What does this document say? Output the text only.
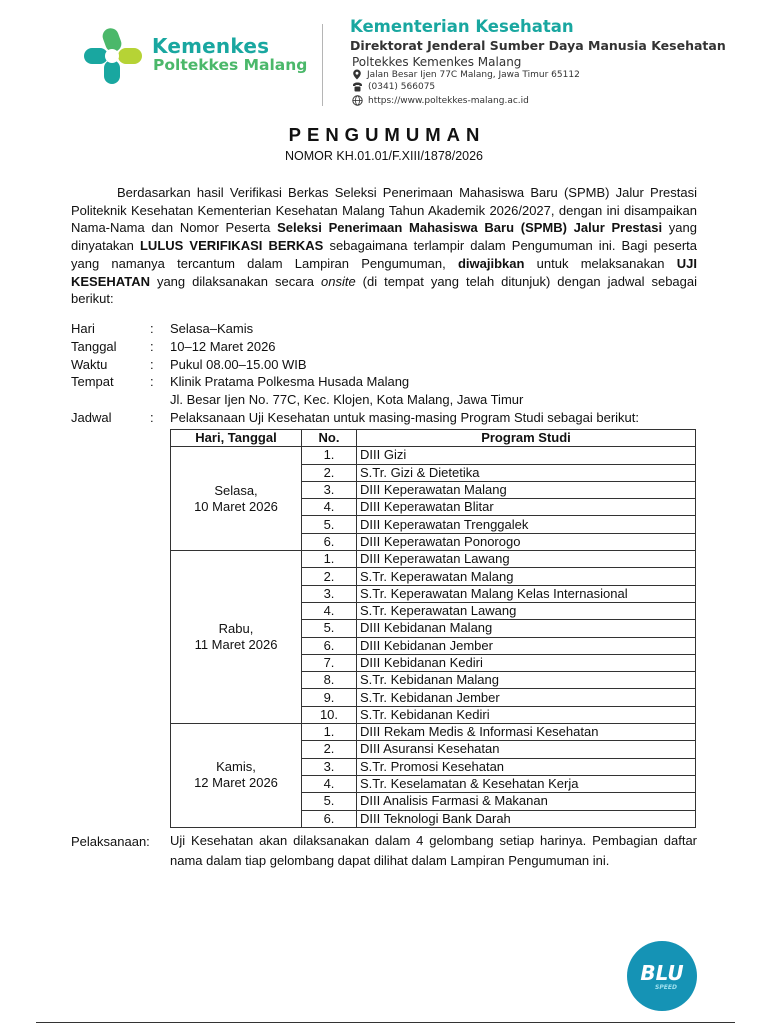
Kemenkes
Poltekkes Malang
Kementerian Kesehatan
Direktorat Jenderal Sumber Daya Manusia Kesehatan
Poltekkes Kemenkes Malang
Jalan Besar Ijen 77C Malang, Jawa Timur 65112
(0341) 566075
https://www.poltekkes-malang.ac.id
PENGUMUMAN
NOMOR KH.01.01/F.XIII/1878/2026
Berdasarkan hasil Verifikasi Berkas Seleksi Penerimaan Mahasiswa Baru (SPMB) Jalur Prestasi Politeknik Kesehatan Kementerian Kesehatan Malang Tahun Akademik 2026/2027, dengan ini disampaikan Nama-Nama dan Nomor Peserta Seleksi Penerimaan Mahasiswa Baru (SPMB) Jalur Prestasi yang dinyatakan LULUS VERIFIKASI BERKAS sebagaimana terlampir dalam Pengumuman ini. Bagi peserta yang namanya tercantum dalam Lampiran Pengumuman, diwajibkan untuk melaksanakan UJI KESEHATAN yang dilaksanakan secara onsite (di tempat yang telah ditunjuk) dengan jadwal sebagai berikut:
Hari	: Selasa–Kamis
Tanggal	: 10–12 Maret 2026
Waktu	: Pukul 08.00–15.00 WIB
Tempat	: Klinik Pratama Polkesma Husada Malang
Jl. Besar Ijen No. 77C, Kec. Klojen, Kota Malang, Jawa Timur
Jadwal	: Pelaksanaan Uji Kesehatan untuk masing-masing Program Studi sebagai berikut:
Hari, Tanggal	No.	Program Studi

Selasa,
10 Maret 2026	1.	DIII Gizi
	2.	S.Tr. Gizi & Dietetika
	3.	DIII Keperawatan Malang
	4.	DIII Keperawatan Blitar
	5.	DIII Keperawatan Trenggalek
	6.	DIII Keperawatan Ponorogo

Rabu,
11 Maret 2026	1.	DIII Keperawatan Lawang
	2.	S.Tr. Keperawatan Malang
	3.	S.Tr. Keperawatan Malang Kelas Internasional
	4.	S.Tr. Keperawatan Lawang
	5.	DIII Kebidanan Malang
	6.	DIII Kebidanan Jember
	7.	DIII Kebidanan Kediri
	8.	S.Tr. Kebidanan Malang
	9.	S.Tr. Kebidanan Jember
	10.	S.Tr. Kebidanan Kediri

Kamis,
12 Maret 2026	1.	DIII Rekam Medis & Informasi Kesehatan
	2.	DIII Asuransi Kesehatan
	3.	S.Tr. Promosi Kesehatan
	4.	S.Tr. Keselamatan & Kesehatan Kerja
	5.	DIII Analisis Farmasi & Makanan
	6.	DIII Teknologi Bank Darah
Pelaksanaan: Uji Kesehatan akan dilaksanakan dalam 4 gelombang setiap harinya. Pembagian daftar nama dalam tiap gelombang dapat dilihat dalam Lampiran Pengumuman ini.
BLU
SPEED
